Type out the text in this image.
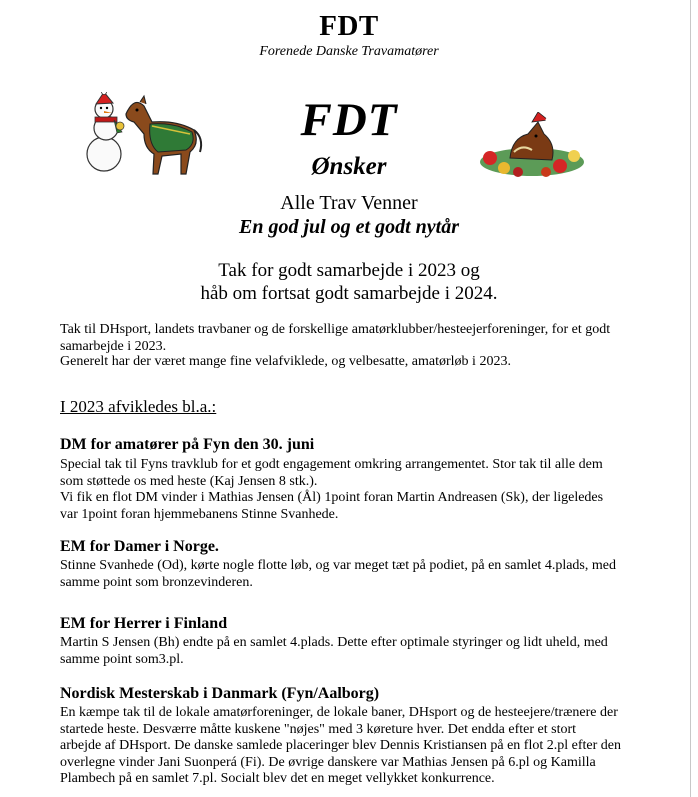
FDT
Forenede Danske Travamatører
FDT
Ønsker
Alle Trav Venner
En god jul og et godt nytår
Tak for godt samarbejde i 2023 og
håb om fortsat godt samarbejde i 2024.
Tak til DHsport, landets travbaner og de forskellige amatørklubber/hesteejerforeninger, for et godt
samarbejde i 2023.
Generelt har der været mange fine velafviklede, og velbesatte, amatørløb i 2023.
I 2023 afvikledes bl.a.:
DM for amatører på Fyn den 30. juni
Special tak til Fyns travklub for et godt engagement omkring arrangementet. Stor tak til alle dem
som støttede os med heste (Kaj Jensen 8 stk.).
Vi fik en flot DM vinder i Mathias Jensen (Ål) 1point foran Martin Andreasen (Sk), der ligeledes
var 1point foran hjemmebanens Stinne Svanhede.
EM for Damer i Norge.
Stinne Svanhede (Od), kørte nogle flotte løb, og var meget tæt på podiet, på en samlet 4.plads, med
samme point som bronzevinderen.
EM for Herrer i Finland
Martin S Jensen (Bh) endte på en samlet 4.plads. Dette efter optimale styringer og lidt uheld, med
samme point som3.pl.
Nordisk Mesterskab i Danmark (Fyn/Aalborg)
En kæmpe tak til de lokale amatørforeninger, de lokale baner, DHsport og de hesteejere/trænere der
startede heste. Desværre måtte kuskene "nøjes" med 3 køreture hver. Det endda efter et stort
arbejde af DHsport. De danske samlede placeringer blev Dennis Kristiansen på en flot 2.pl efter den
overlegne vinder Jani Suonperá (Fi). De øvrige danskere var Mathias Jensen på 6.pl og Kamilla
Plambech på en samlet 7.pl. Socialt blev det en meget vellykket konkurrence.
